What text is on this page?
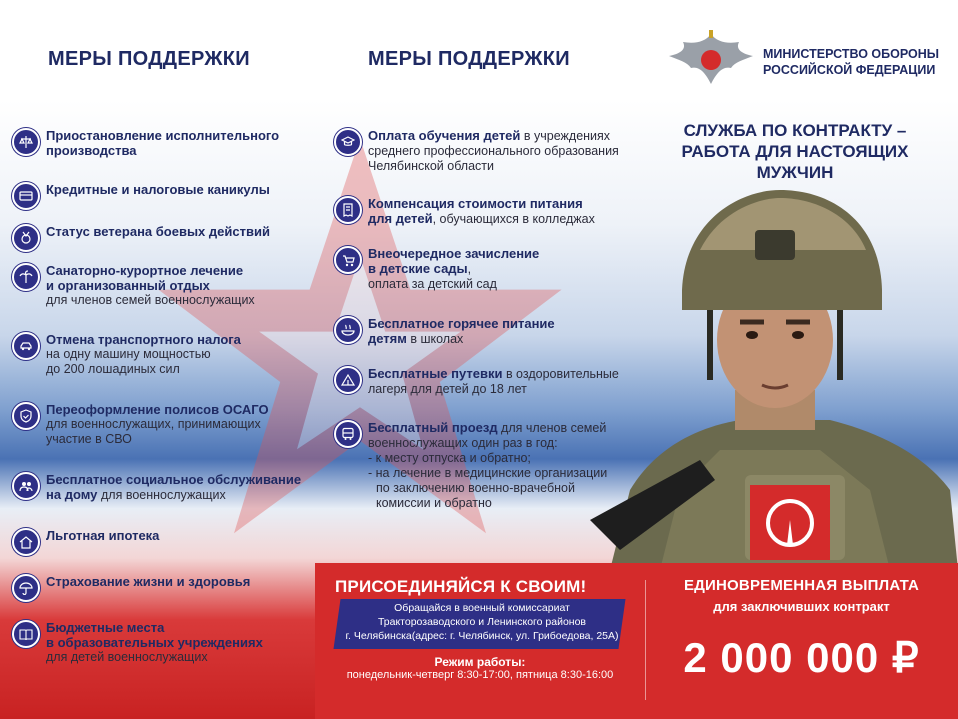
МЕРЫ ПОДДЕРЖКИ	МЕРЫ ПОДДЕРЖКИ	МИНИСТЕРСТВО ОБОРОНЫ
РОССИЙСКОЙ ФЕДЕРАЦИИ
Приостановление исполнительного
производства
Кредитные и налоговые каникулы
Статус ветерана боевых действий
Санаторно-курортное лечение
и организованный отдых
для членов семей военнослужащих
Отмена транспортного налога
на одну машину мощностью
до 200 лошадиных сил
Переоформление полисов ОСАГО
для военнослужащих, принимающих
участие в СВО
Бесплатное социальное обслуживание
на дому для военнослужащих
Льготная ипотека
Страхование жизни и здоровья
Бюджетные места
в образовательных учреждениях
для детей военнослужащих
Оплата обучения детей в учреждениях
среднего профессионального образования
Челябинской области
Компенсация стоимости питания
для детей, обучающихся в колледжах
Внеочередное зачисление
в детские сады,
оплата за детский сад
Бесплатное горячее питание
детям в школах
Бесплатные путевки в оздоровительные
лагеря для детей до 18 лет
Бесплатный проезд для членов семей
военнослужащих один раз в год:
- к месту отпуска и обратно;
- на лечение в медицинские организации
по заключению военно-врачебной
комиссии и обратно
СЛУЖБА ПО КОНТРАКТУ –
РАБОТА ДЛЯ НАСТОЯЩИХ
МУЖЧИН
ПРИСОЕДИНЯЙСЯ К СВОИМ!
Обращайся в военный комиссариат
Тракторозаводского и Ленинского районов
г. Челябинска(адрес: г. Челябинск, ул. Грибоедова, 25А)
Режим работы:
понедельник-четверг 8:30-17:00, пятница 8:30-16:00
ЕДИНОВРЕМЕННАЯ ВЫПЛАТА
для заключивших контракт
2 000 000 ₽
